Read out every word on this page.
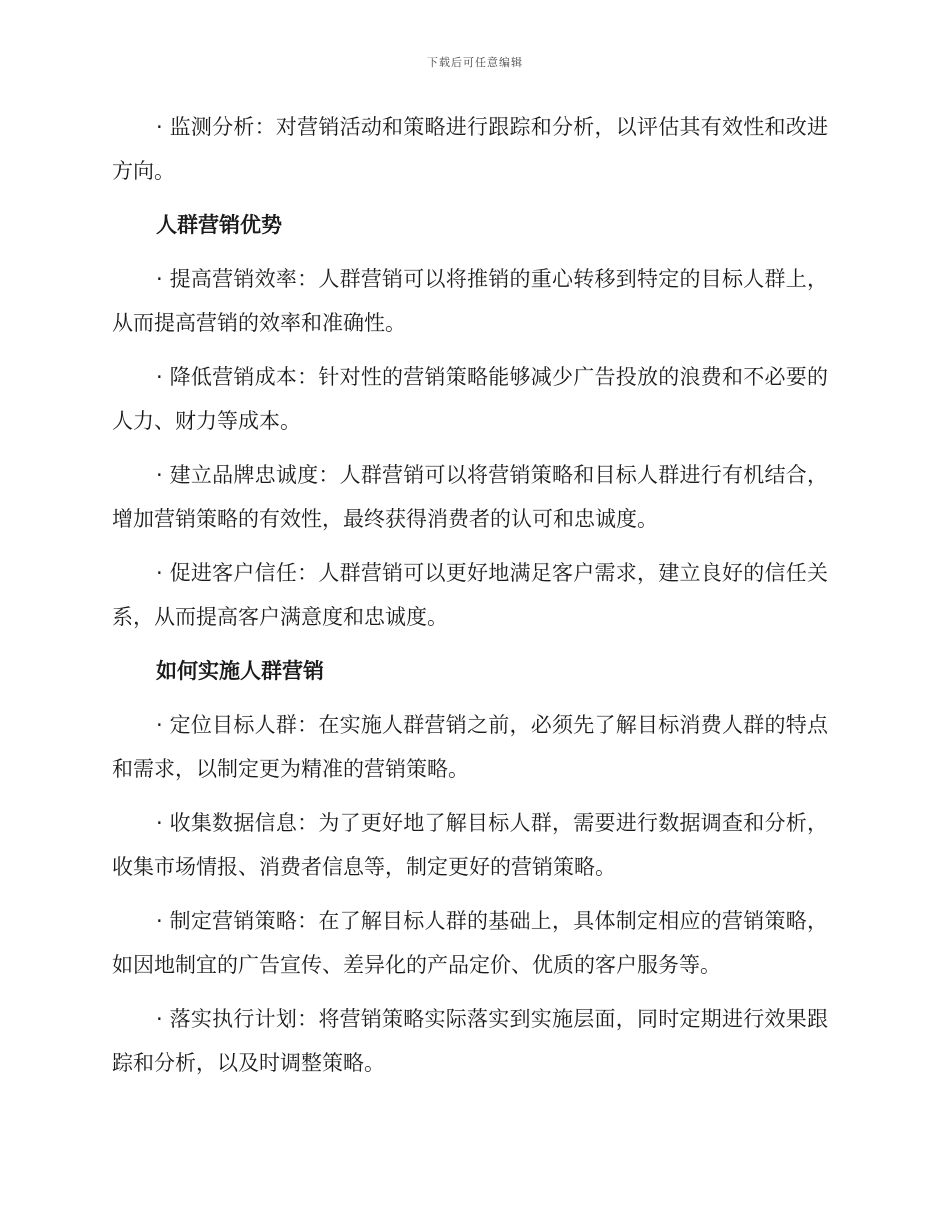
下载后可任意编辑

· 监测分析：对营销活动和策略进行跟踪和分析，以评估其有效性和改进方向。

人群营销优势

· 提高营销效率：人群营销可以将推销的重心转移到特定的目标人群上，从而提高营销的效率和准确性。

· 降低营销成本：针对性的营销策略能够减少广告投放的浪费和不必要的人力、财力等成本。

· 建立品牌忠诚度：人群营销可以将营销策略和目标人群进行有机结合，增加营销策略的有效性，最终获得消费者的认可和忠诚度。

· 促进客户信任：人群营销可以更好地满足客户需求，建立良好的信任关系，从而提高客户满意度和忠诚度。

如何实施人群营销

· 定位目标人群：在实施人群营销之前，必须先了解目标消费人群的特点和需求，以制定更为精准的营销策略。

· 收集数据信息：为了更好地了解目标人群，需要进行数据调查和分析，收集市场情报、消费者信息等，制定更好的营销策略。

· 制定营销策略：在了解目标人群的基础上，具体制定相应的营销策略，如因地制宜的广告宣传、差异化的产品定价、优质的客户服务等。

· 落实执行计划：将营销策略实际落实到实施层面，同时定期进行效果跟踪和分析，以及时调整策略。
